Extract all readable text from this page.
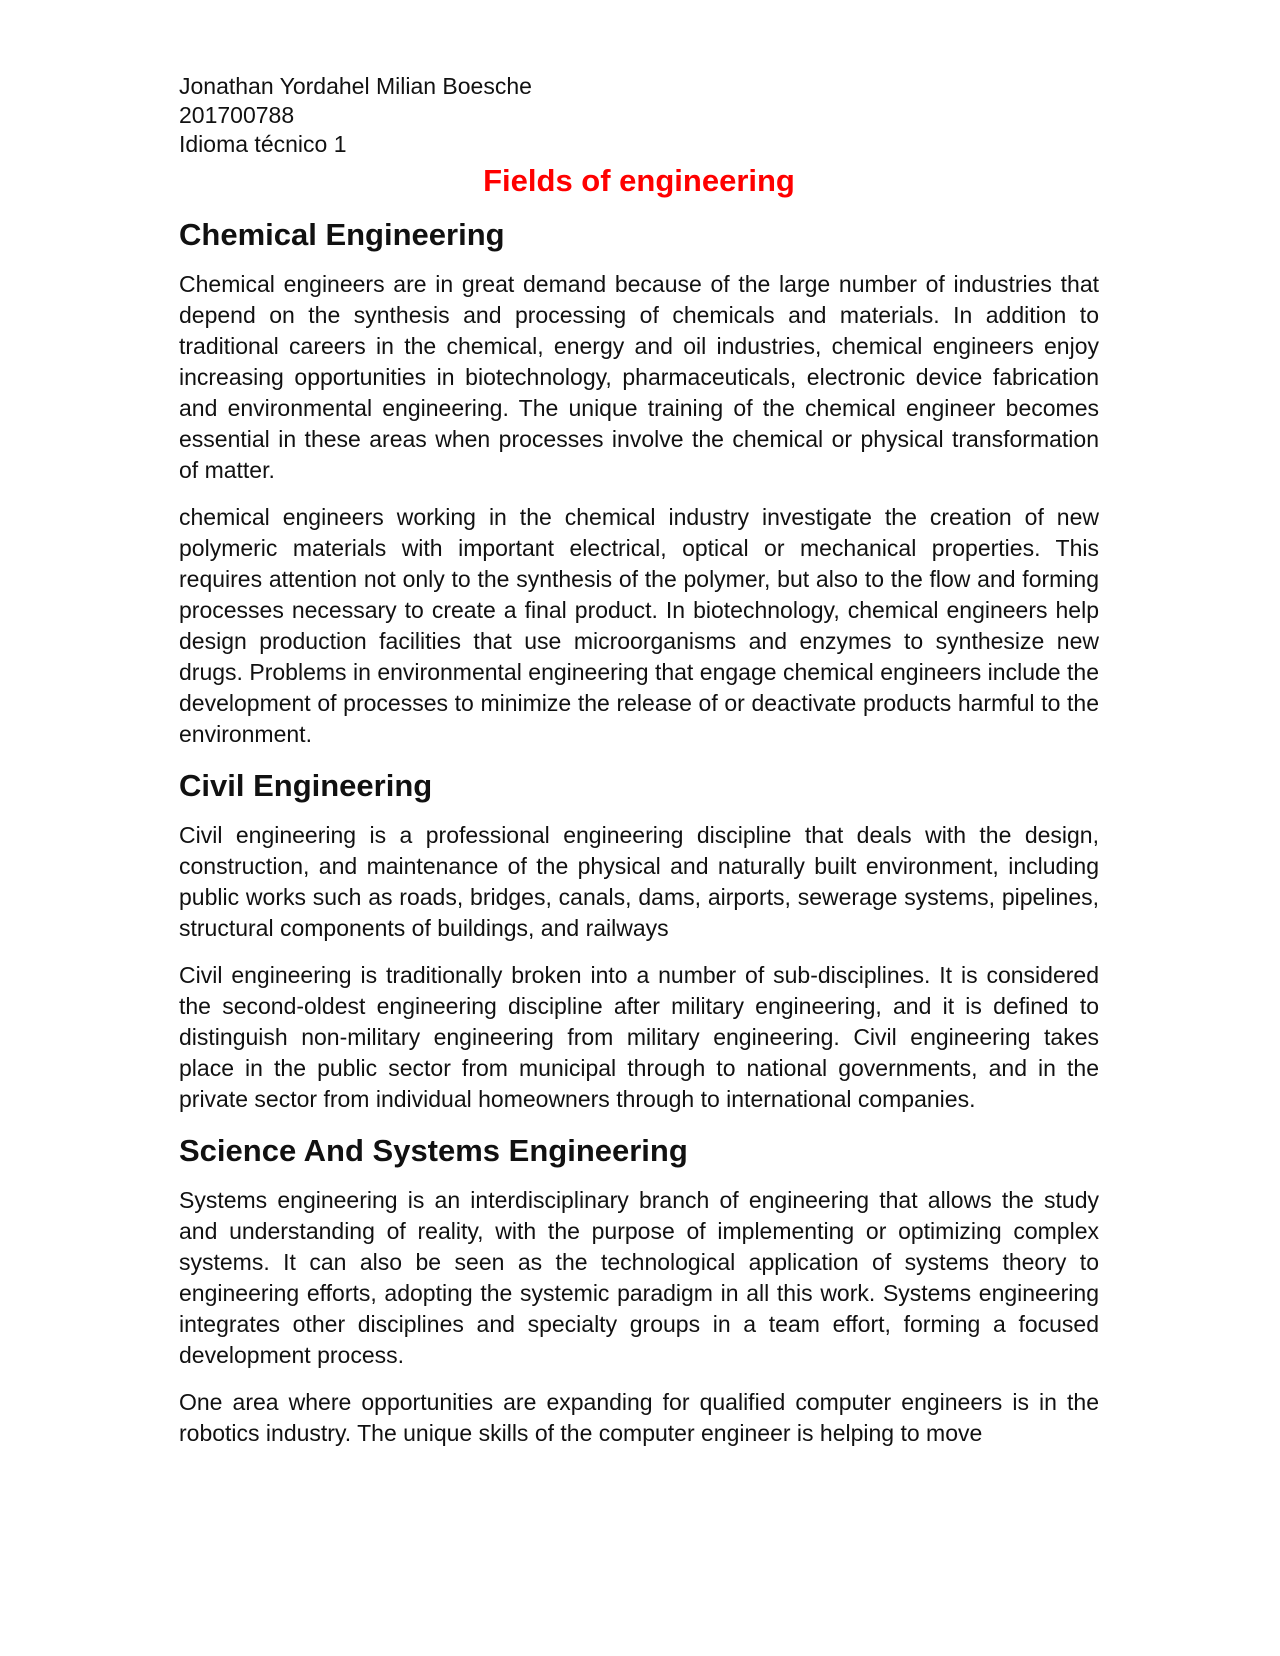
Jonathan Yordahel Milian Boesche

201700788

Idioma técnico 1

Fields of engineering
Chemical Engineering

Chemical engineers are in great demand because of the large number of industries that depend on the synthesis and processing of chemicals and materials. In addition to traditional careers in the chemical, energy and oil industries, chemical engineers enjoy increasing opportunities in biotechnology, pharmaceuticals, electronic device fabrication and environmental engineering. The unique training of the chemical engineer becomes essential in these areas when processes involve the chemical or physical transformation of matter.

chemical engineers working in the chemical industry investigate the creation of new polymeric materials with important electrical, optical or mechanical properties. This requires attention not only to the synthesis of the polymer, but also to the flow and forming processes necessary to create a final product. In biotechnology, chemical engineers help design production facilities that use microorganisms and enzymes to synthesize new drugs. Problems in environmental engineering that engage chemical engineers include the development of processes to minimize the release of or deactivate products harmful to the environment.

Civil Engineering

Civil engineering is a professional engineering discipline that deals with the design, construction, and maintenance of the physical and naturally built environment, including public works such as roads, bridges, canals, dams, airports, sewerage systems, pipelines, structural components of buildings, and railways

Civil engineering is traditionally broken into a number of sub-disciplines. It is considered the second-oldest engineering discipline after military engineering, and it is defined to distinguish non-military engineering from military engineering. Civil engineering takes place in the public sector from municipal through to national governments, and in the private sector from individual homeowners through to international companies.

Science And Systems Engineering

Systems engineering is an interdisciplinary branch of engineering that allows the study and understanding of reality, with the purpose of implementing or optimizing complex systems. It can also be seen as the technological application of systems theory to engineering efforts, adopting the systemic paradigm in all this work. Systems engineering integrates other disciplines and specialty groups in a team effort, forming a focused development process.

One area where opportunities are expanding for qualified computer engineers is in the robotics industry. The unique skills of the computer engineer is helping to move
